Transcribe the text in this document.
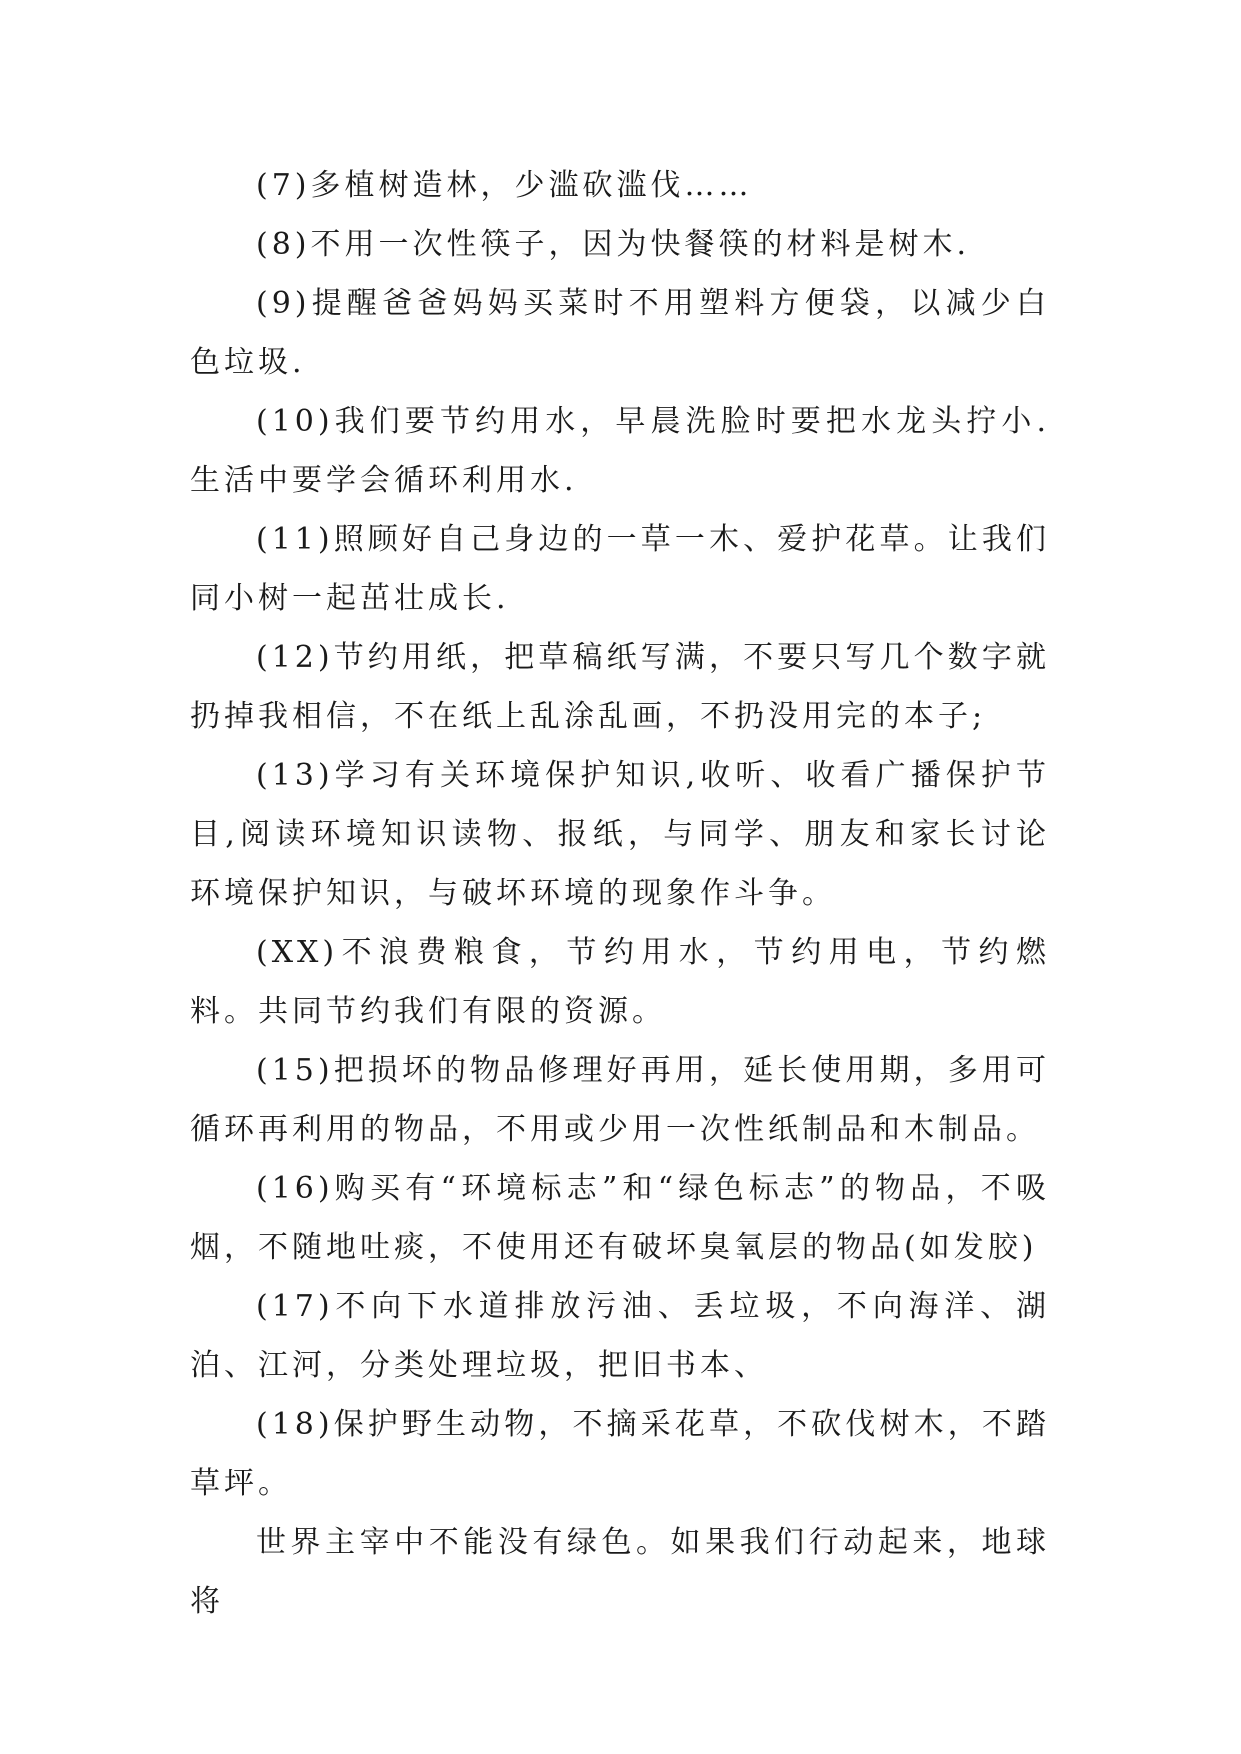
(7)多植树造林，少滥砍滥伐……

(8)不用一次性筷子，因为快餐筷的材料是树木.

(9)提醒爸爸妈妈买菜时不用塑料方便袋，以减少白色垃圾.

(10)我们要节约用水，早晨洗脸时要把水龙头拧小.生活中要学会循环利用水.

(11)照顾好自己身边的一草一木、爱护花草。让我们同小树一起茁壮成长.

(12)节约用纸，把草稿纸写满，不要只写几个数字就扔掉我相信，不在纸上乱涂乱画，不扔没用完的本子;

(13)学习有关环境保护知识,收听、收看广播保护节目,阅读环境知识读物、报纸，与同学、朋友和家长讨论环境保护知识，与破坏环境的现象作斗争。

(XX)不浪费粮食，节约用水，节约用电，节约燃料。共同节约我们有限的资源。

(15)把损坏的物品修理好再用，延长使用期，多用可循环再利用的物品，不用或少用一次性纸制品和木制品。

(16)购买有“环境标志”和“绿色标志”的物品，不吸烟，不随地吐痰，不使用还有破坏臭氧层的物品(如发胶)

(17)不向下水道排放污油、丢垃圾，不向海洋、湖泊、江河，分类处理垃圾，把旧书本、

(18)保护野生动物，不摘采花草，不砍伐树木，不踏草坪。

世界主宰中不能没有绿色。如果我们行动起来，地球将
